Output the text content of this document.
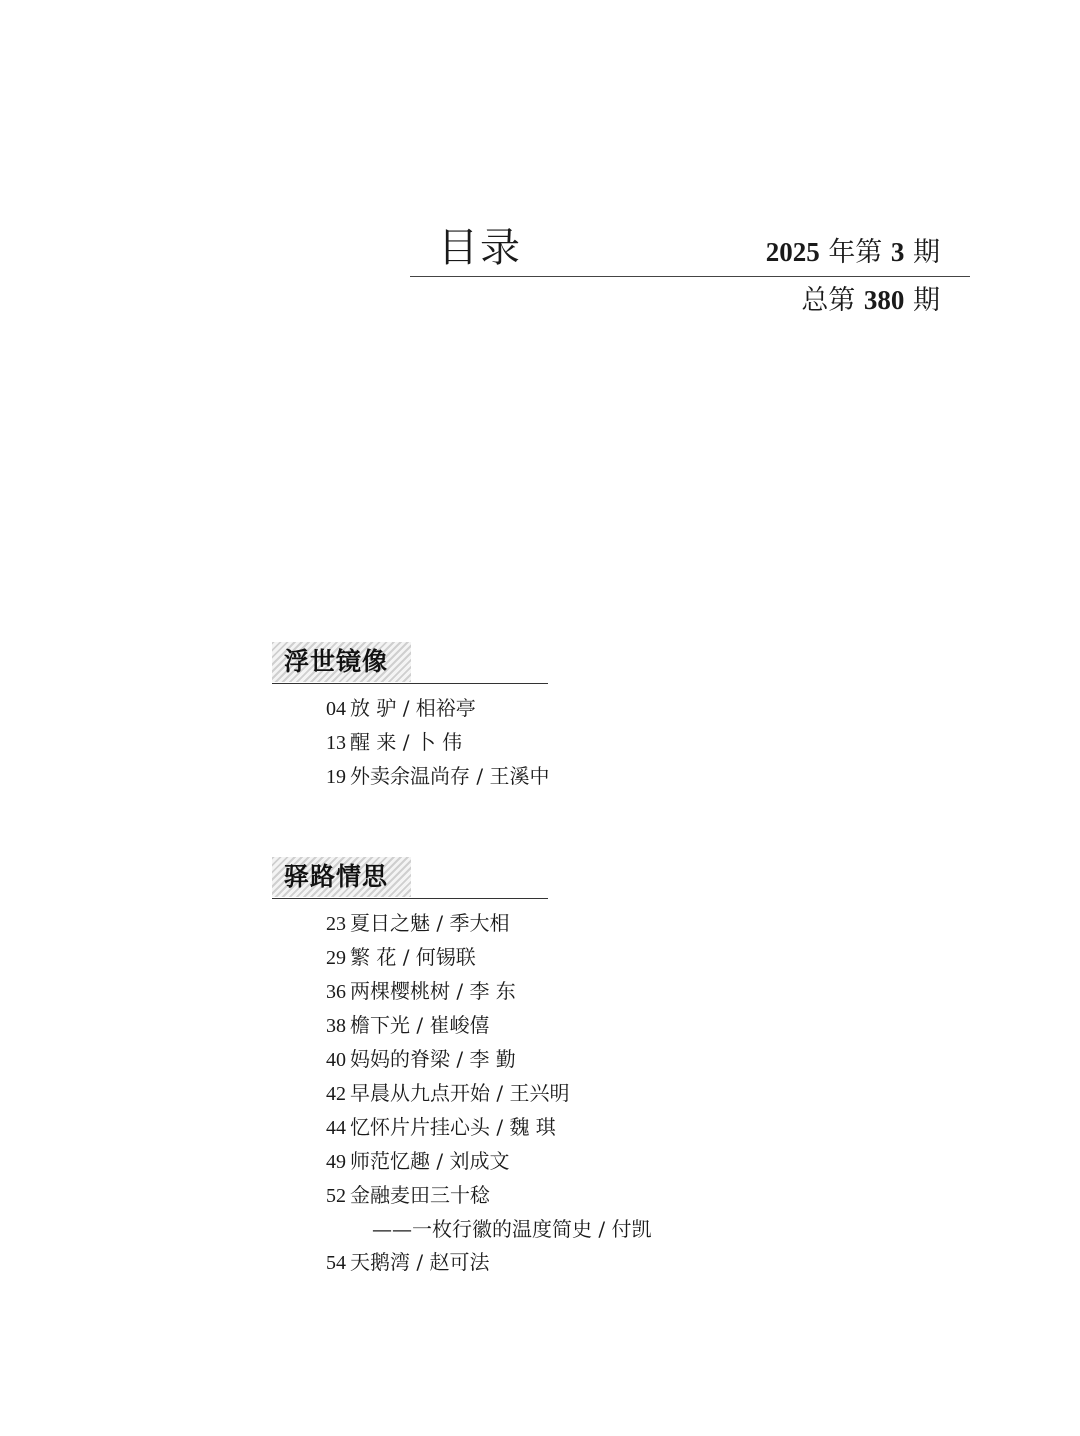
目录	2025 年第 3 期
总第 380 期
浮世镜像
04 放 驴 / 相裕亭
13 醒 来 / 卜 伟
19 外卖余温尚存 / 王溪中
驿路情思
23 夏日之魅 / 季大相
29 繁 花 / 何锡联
36 两棵樱桃树 / 李 东
38 檐下光 / 崔峻僖
40 妈妈的脊梁 / 李 勤
42 早晨从九点开始 / 王兴明
44 忆怀片片挂心头 / 魏 琪
49 师范忆趣 / 刘成文
52 金融麦田三十稔
——一枚行徽的温度简史 / 付凯
54 天鹅湾 / 赵可法
